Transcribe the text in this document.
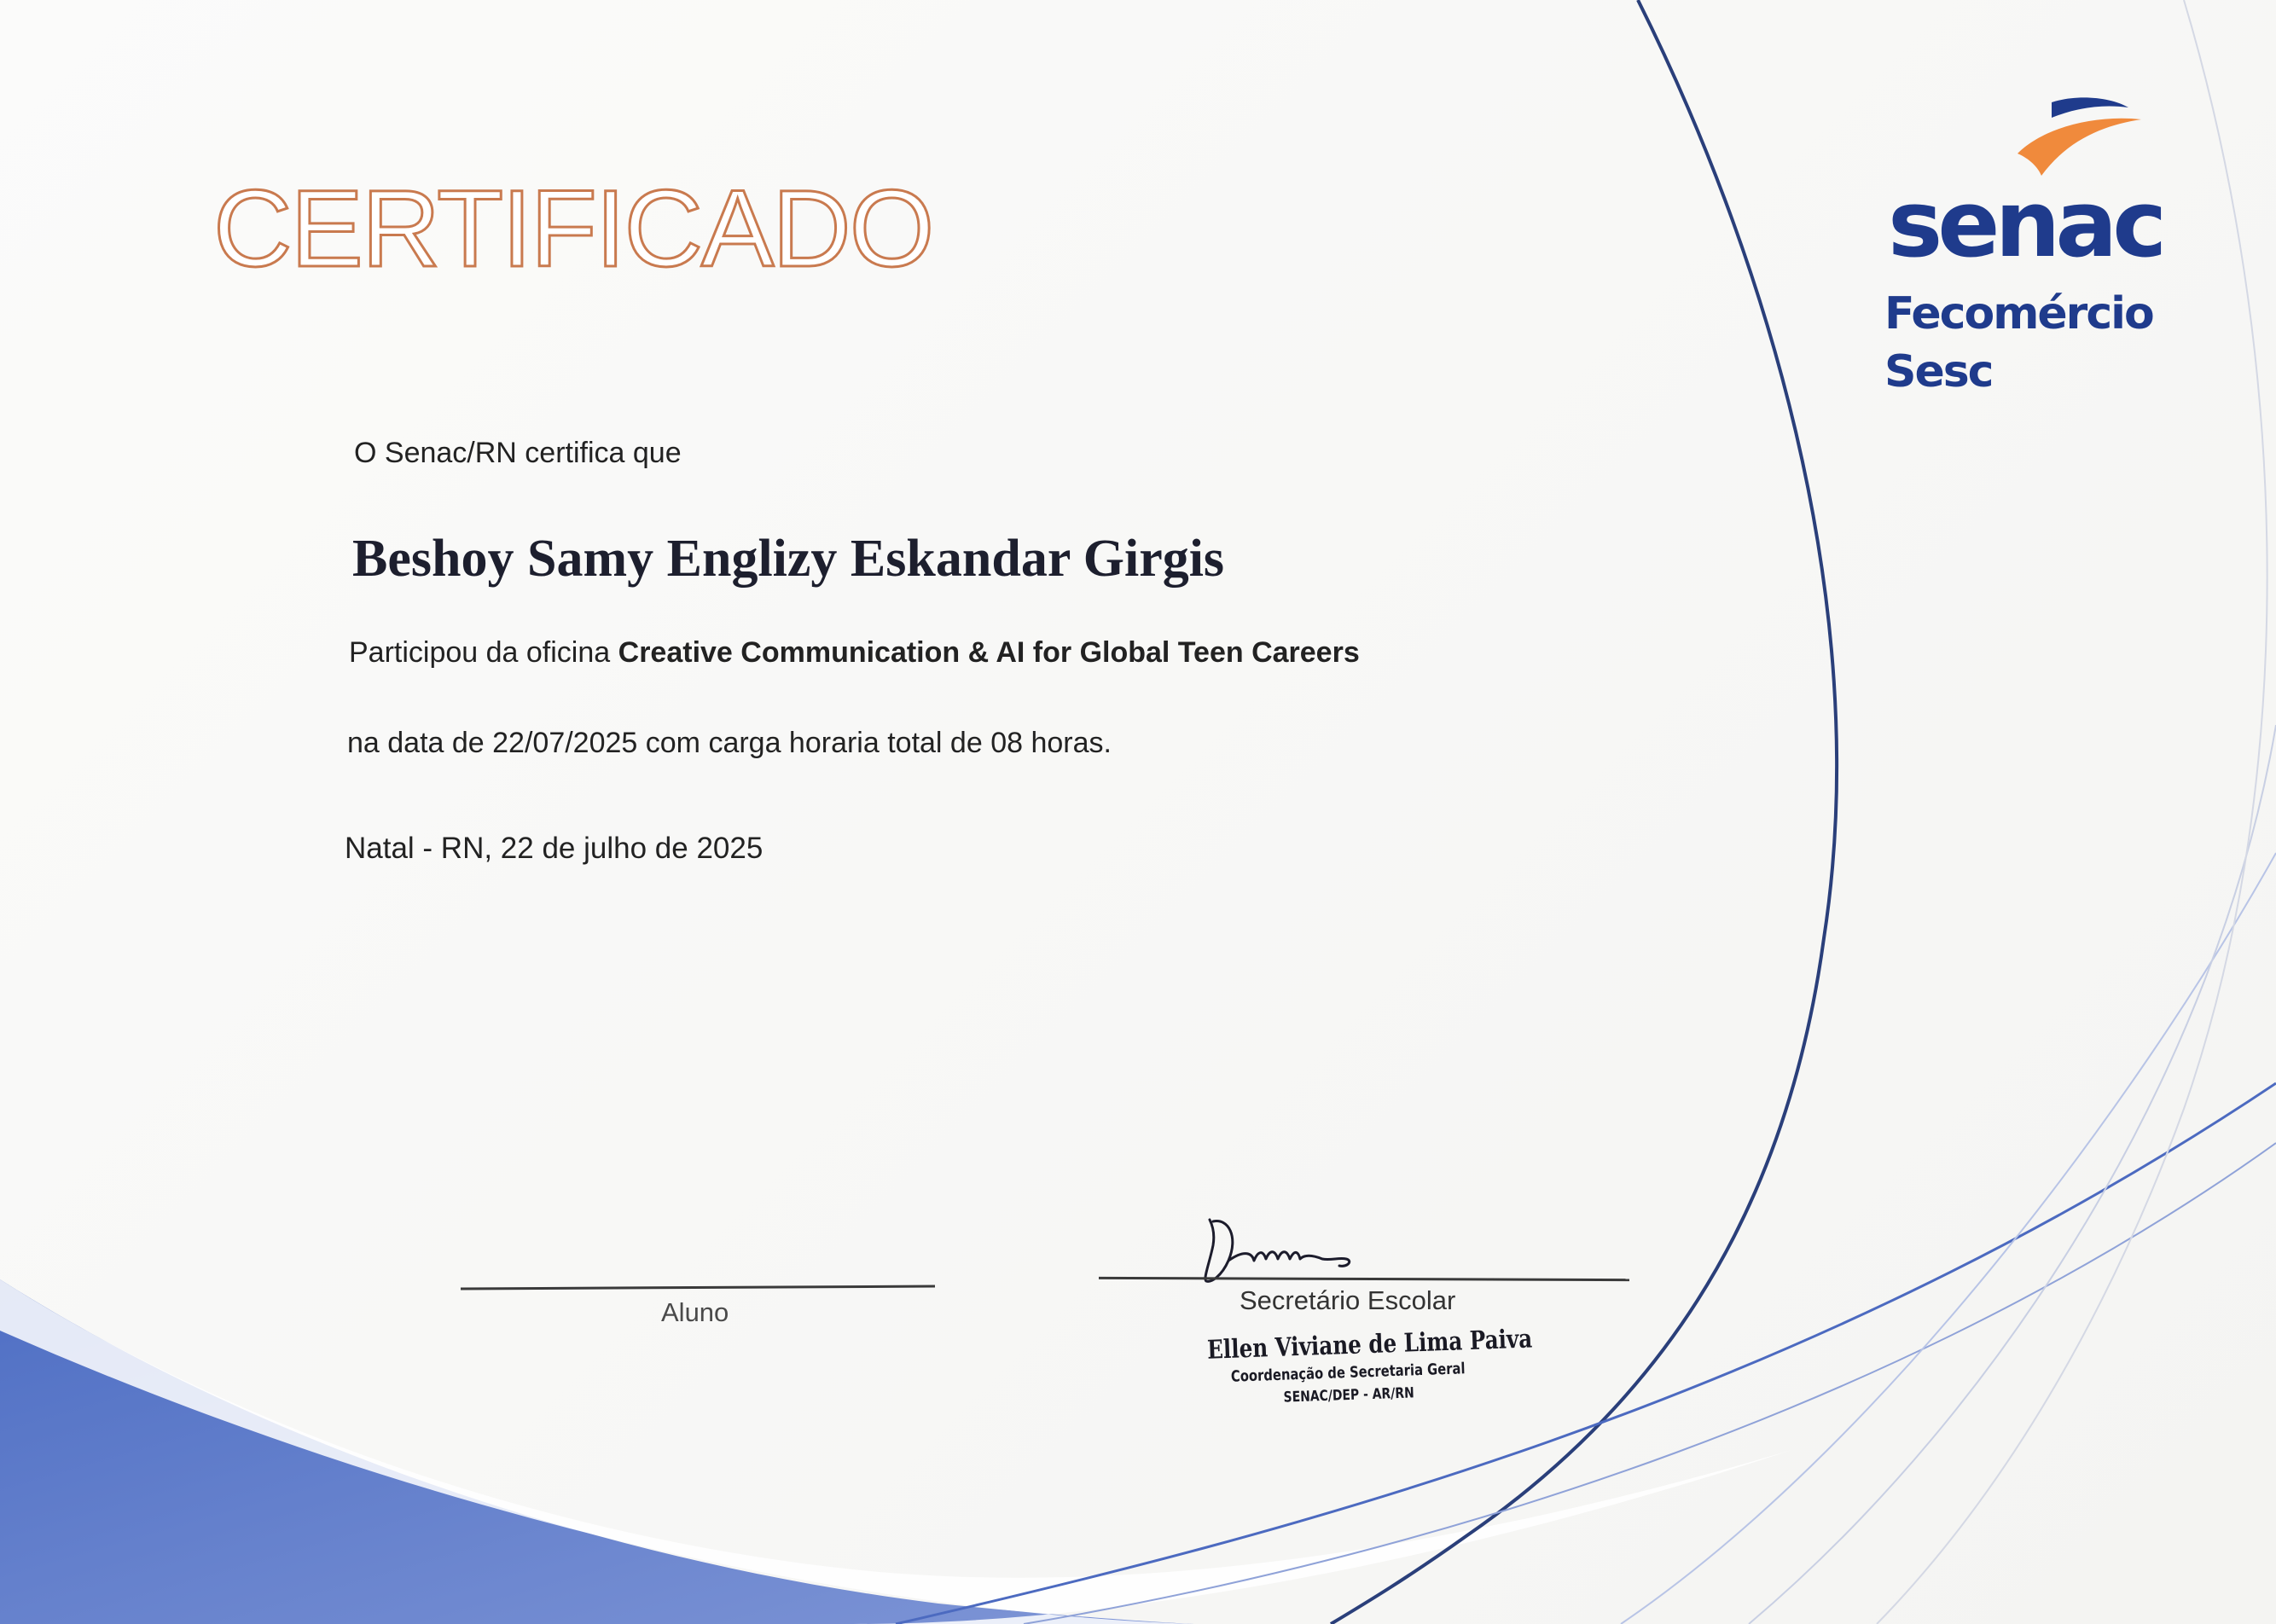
CERTIFICADO

O Senac/RN certifica que

Beshoy Samy Englizy Eskandar Girgis

Participou da oficina Creative Communication & AI for Global Teen Careers

na data de 22/07/2025 com carga horaria total de 08 horas.

Natal - RN, 22 de julho de 2025

Aluno	Secretário Escolar

Ellen Viviane de Lima Paiva
Coordenação de Secretaria Geral
SENAC/DEP - AR/RN

senac

Fecomércio

Sesc
